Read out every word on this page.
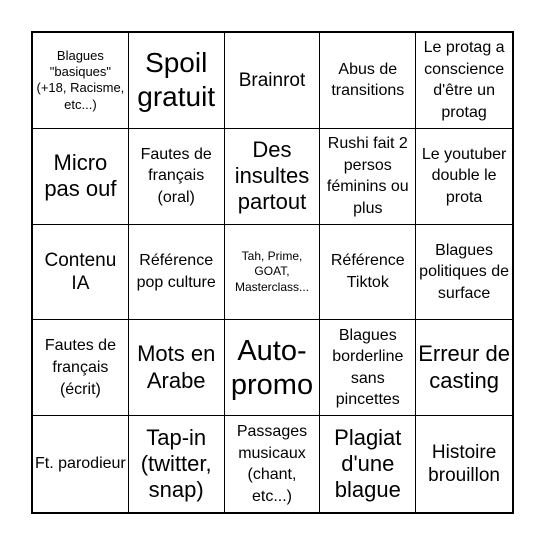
Blagues "basiques" (+18, Racisme, etc...)
Spoil gratuit
Brainrot
Abus de transitions
Le protag a conscience d'être un protag
Micro pas ouf
Fautes de français (oral)
Des insultes partout
Rushi fait 2 persos féminins ou plus
Le youtuber double le prota
Contenu IA
Référence pop culture
Tah, Prime, GOAT, Masterclass...
Référence Tiktok
Blagues politiques de surface
Fautes de français (écrit)
Mots en Arabe
Auto-promo
Blagues borderline sans pincettes
Erreur de casting
Ft. parodieur
Tap-in (twitter, snap)
Passages musicaux (chant, etc...)
Plagiat d'une blague
Histoire brouillon
